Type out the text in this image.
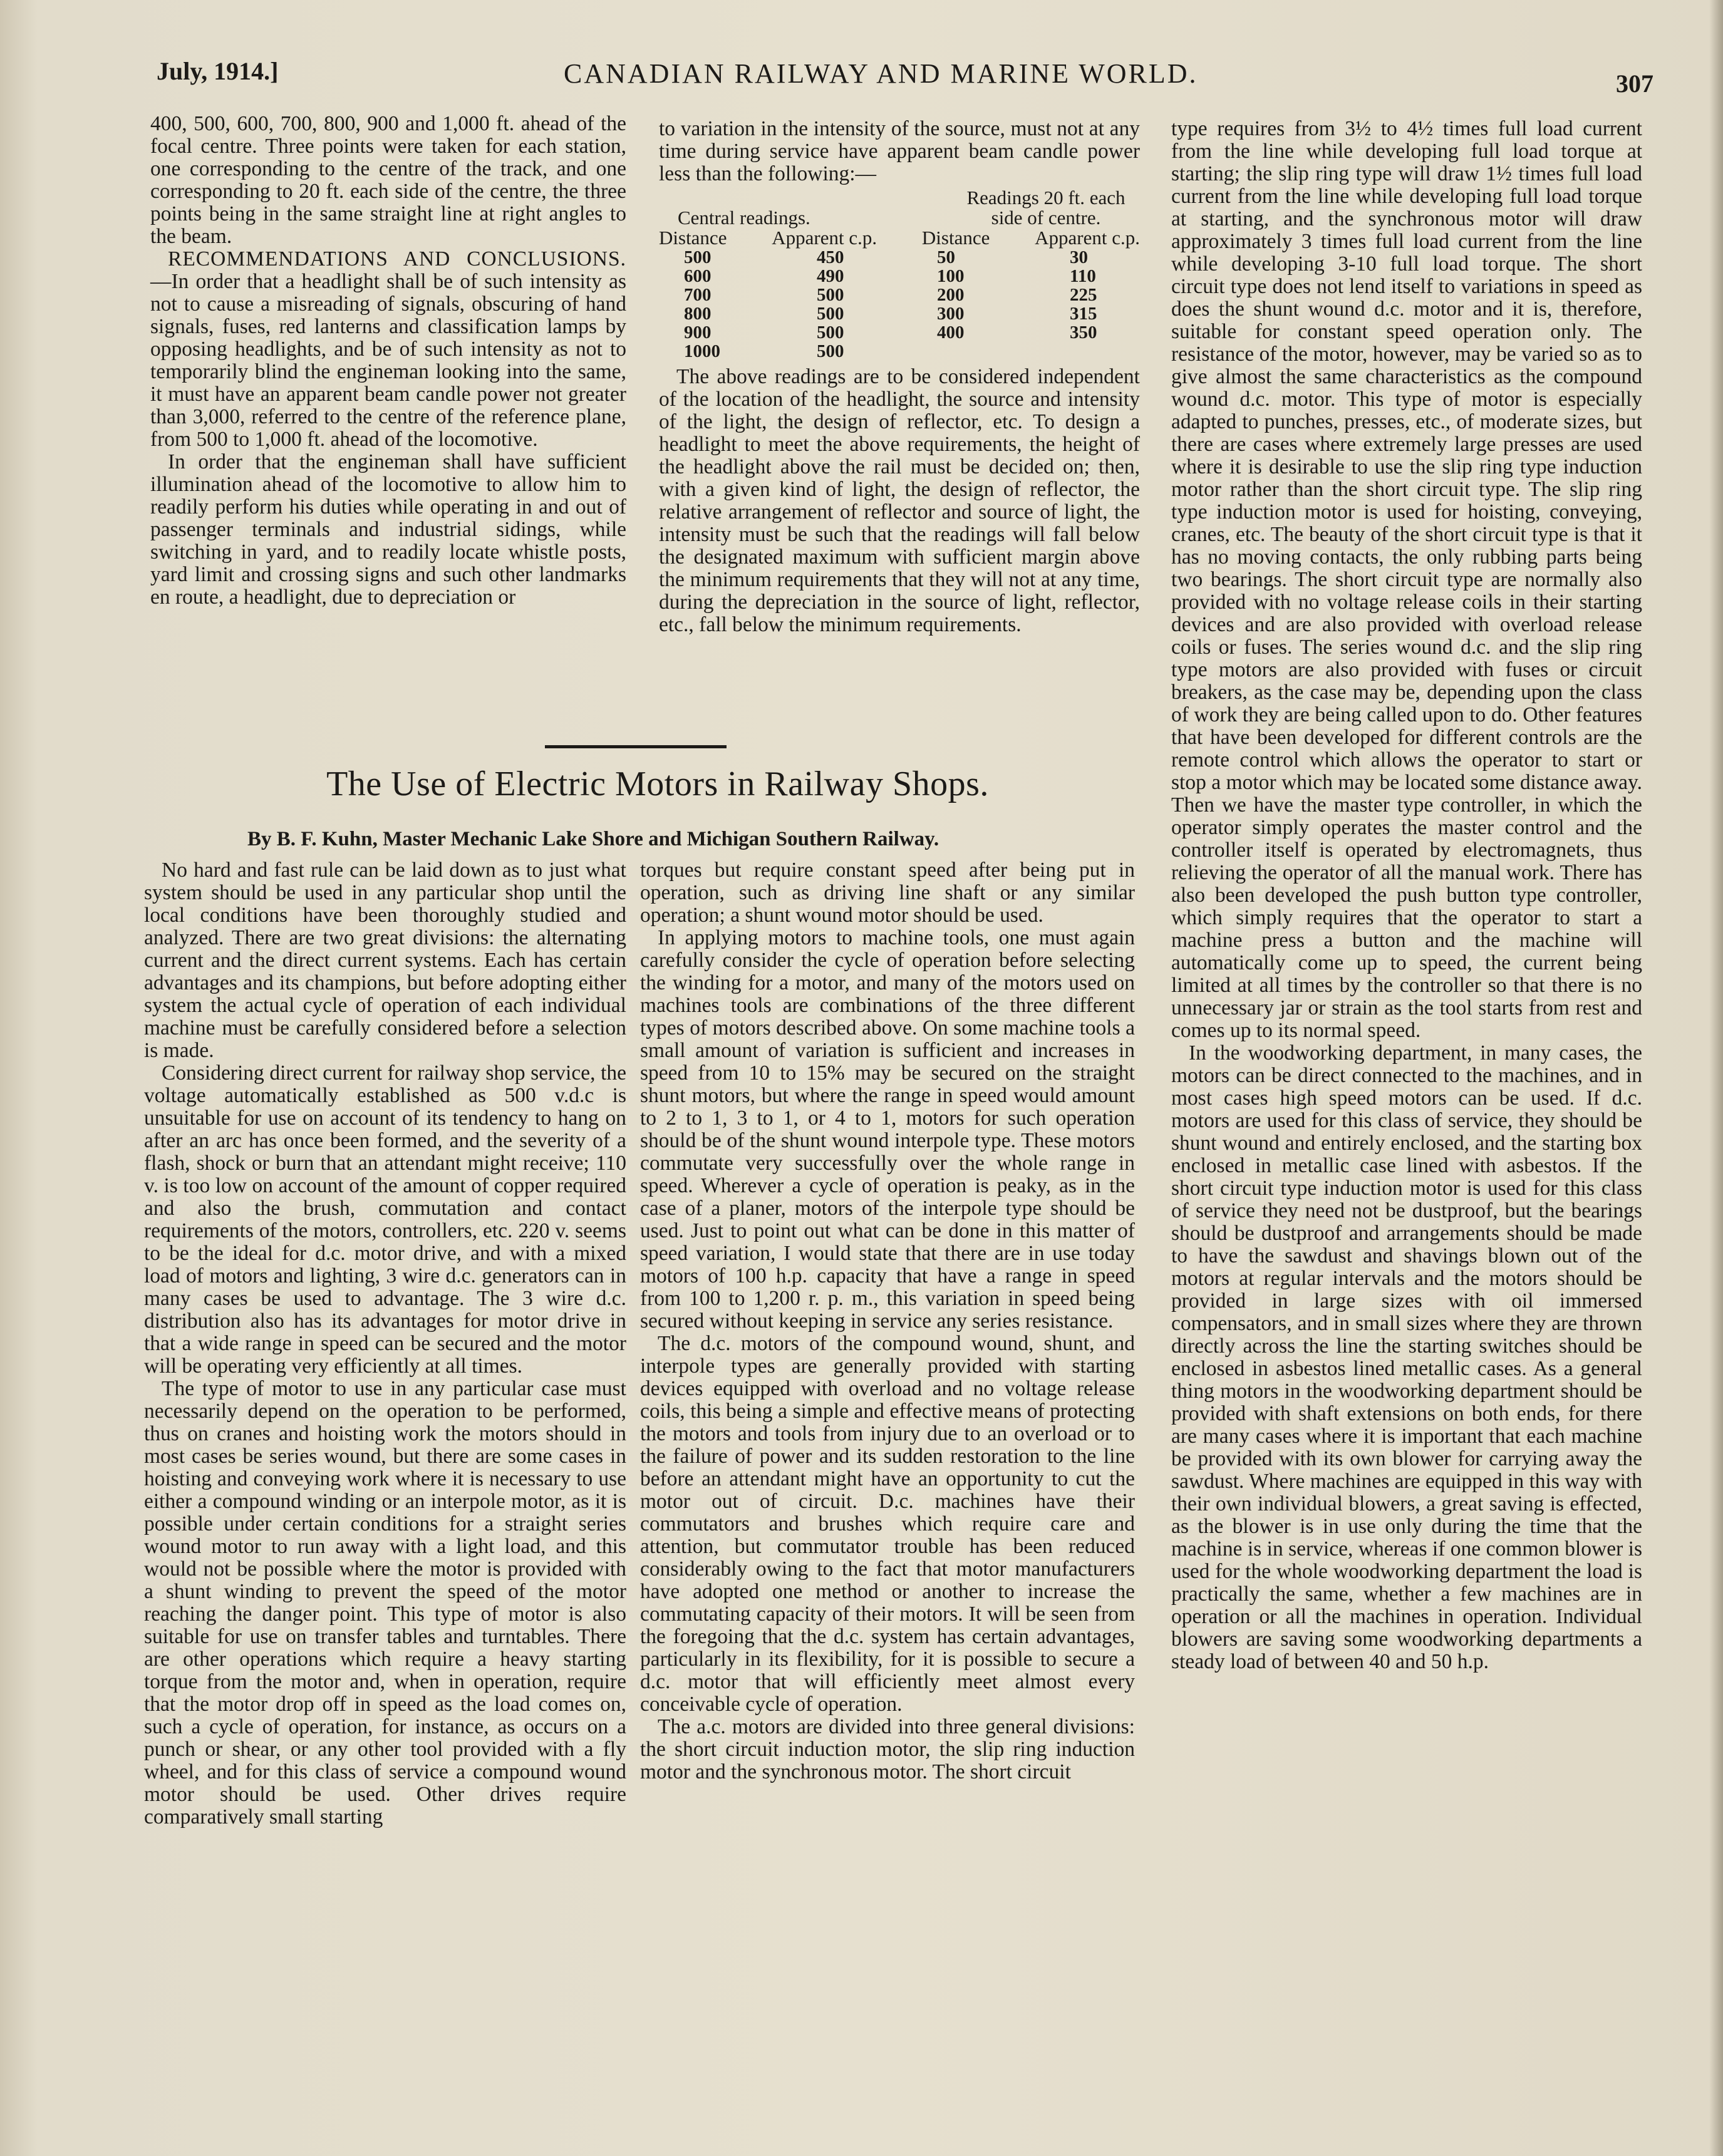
July, 1914.]	CANADIAN RAILWAY AND MARINE WORLD.	307

400, 500, 600, 700, 800, 900 and 1,000 ft. ahead of the focal centre. Three points were taken for each station, one corresponding to the centre of the track, and one corresponding to 20 ft. each side of the centre, the three points being in the same straight line at right angles to the beam.

RECOMMENDATIONS AND CONCLUSIONS.—In order that a headlight shall be of such intensity as not to cause a misreading of signals, obscuring of hand signals, fuses, red lanterns and classification lamps by opposing headlights, and be of such intensity as not to temporarily blind the engineman looking into the same, it must have an apparent beam candle power not greater than 3,000, referred to the centre of the reference plane, from 500 to 1,000 ft. ahead of the locomotive.

In order that the engineman shall have sufficient illumination ahead of the locomotive to allow him to readily perform his duties while operating in and out of passenger terminals and industrial sidings, while switching in yard, and to readily locate whistle posts, yard limit and crossing signs and such other landmarks en route, a headlight, due to depreciation or

to variation in the intensity of the source, must not at any time during service have apparent beam candle power less than the following:—

Central readings.
Readings 20 ft. each side of centre.
Distance Apparent c.p. Distance Apparent c.p.
500
600
700
800
900
1000
450
490
500
500
500
500
50
100
200
300
400
30
110
225
315
350

The above readings are to be considered independent of the location of the headlight, the source and intensity of the light, the design of reflector, etc. To design a headlight to meet the above requirements, the height of the headlight above the rail must be decided on; then, with a given kind of light, the design of reflector, the relative arrangement of reflector and source of light, the intensity must be such that the readings will fall below the designated maximum with sufficient margin above the minimum requirements that they will not at any time, during the depreciation in the source of light, reflector, etc., fall below the minimum requirements.

The Use of Electric Motors in Railway Shops.
By B. F. Kuhn, Master Mechanic Lake Shore and Michigan Southern Railway.

No hard and fast rule can be laid down as to just what system should be used in any particular shop until the local conditions have been thoroughly studied and analyzed. There are two great divisions: the alternating current and the direct current systems. Each has certain advantages and its champions, but before adopting either system the actual cycle of operation of each individual machine must be carefully considered before a selection is made.

Considering direct current for railway shop service, the voltage automatically established as 500 v.d.c is unsuitable for use on account of its tendency to hang on after an arc has once been formed, and the severity of a flash, shock or burn that an attendant might receive; 110 v. is too low on account of the amount of copper required and also the brush, commutation and contact requirements of the motors, controllers, etc. 220 v. seems to be the ideal for d.c. motor drive, and with a mixed load of motors and lighting, 3 wire d.c. generators can in many cases be used to advantage. The 3 wire d.c. distribution also has its advantages for motor drive in that a wide range in speed can be secured and the motor will be operating very efficiently at all times.

The type of motor to use in any particular case must necessarily depend on the operation to be performed, thus on cranes and hoisting work the motors should in most cases be series wound, but there are some cases in hoisting and conveying work where it is necessary to use either a compound winding or an interpole motor, as it is possible under certain conditions for a straight series wound motor to run away with a light load, and this would not be possible where the motor is provided with a shunt winding to prevent the speed of the motor reaching the danger point. This type of motor is also suitable for use on transfer tables and turntables. There are other operations which require a heavy starting torque from the motor and, when in operation, require that the motor drop off in speed as the load comes on, such a cycle of operation, for instance, as occurs on a punch or shear, or any other tool provided with a fly wheel, and for this class of service a compound wound motor should be used. Other drives require comparatively small starting

torques but require constant speed after being put in operation, such as driving line shaft or any similar operation; a shunt wound motor should be used.

In applying motors to machine tools, one must again carefully consider the cycle of operation before selecting the winding for a motor, and many of the motors used on machines tools are combinations of the three different types of motors described above. On some machine tools a small amount of variation is sufficient and increases in speed from 10 to 15% may be secured on the straight shunt motors, but where the range in speed would amount to 2 to 1, 3 to 1, or 4 to 1, motors for such operation should be of the shunt wound interpole type. These motors commutate very successfully over the whole range in speed. Wherever a cycle of operation is peaky, as in the case of a planer, motors of the interpole type should be used. Just to point out what can be done in this matter of speed variation, I would state that there are in use today motors of 100 h.p. capacity that have a range in speed from 100 to 1,200 r. p. m., this variation in speed being secured without keeping in service any series resistance.

The d.c. motors of the compound wound, shunt, and interpole types are generally provided with starting devices equipped with overload and no voltage release coils, this being a simple and effective means of protecting the motors and tools from injury due to an overload or to the failure of power and its sudden restoration to the line before an attendant might have an opportunity to cut the motor out of circuit. D.c. machines have their commutators and brushes which require care and attention, but commutator trouble has been reduced considerably owing to the fact that motor manufacturers have adopted one method or another to increase the commutating capacity of their motors. It will be seen from the foregoing that the d.c. system has certain advantages, particularly in its flexibility, for it is possible to secure a d.c. motor that will efficiently meet almost every conceivable cycle of operation.

The a.c. motors are divided into three general divisions: the short circuit induction motor, the slip ring induction motor and the synchronous motor. The short circuit

type requires from 3½ to 4½ times full load current from the line while developing full load torque at starting; the slip ring type will draw 1½ times full load current from the line while developing full load torque at starting, and the synchronous motor will draw approximately 3 times full load current from the line while developing 3-10 full load torque. The short circuit type does not lend itself to variations in speed as does the shunt wound d.c. motor and it is, therefore, suitable for constant speed operation only. The resistance of the motor, however, may be varied so as to give almost the same characteristics as the compound wound d.c. motor. This type of motor is especially adapted to punches, presses, etc., of moderate sizes, but there are cases where extremely large presses are used where it is desirable to use the slip ring type induction motor rather than the short circuit type. The slip ring type induction motor is used for hoisting, conveying, cranes, etc. The beauty of the short circuit type is that it has no moving contacts, the only rubbing parts being two bearings. The short circuit type are normally also provided with no voltage release coils in their starting devices and are also provided with overload release coils or fuses. The series wound d.c. and the slip ring type motors are also provided with fuses or circuit breakers, as the case may be, depending upon the class of work they are being called upon to do. Other features that have been developed for different controls are the remote control which allows the operator to start or stop a motor which may be located some distance away. Then we have the master type controller, in which the operator simply operates the master control and the controller itself is operated by electromagnets, thus relieving the operator of all the manual work. There has also been developed the push button type controller, which simply requires that the operator to start a machine press a button and the machine will automatically come up to speed, the current being limited at all times by the controller so that there is no unnecessary jar or strain as the tool starts from rest and comes up to its normal speed.

In the woodworking department, in many cases, the motors can be direct connected to the machines, and in most cases high speed motors can be used. If d.c. motors are used for this class of service, they should be shunt wound and entirely enclosed, and the starting box enclosed in metallic case lined with asbestos. If the short circuit type induction motor is used for this class of service they need not be dustproof, but the bearings should be dustproof and arrangements should be made to have the sawdust and shavings blown out of the motors at regular intervals and the motors should be provided in large sizes with oil immersed compensators, and in small sizes where they are thrown directly across the line the starting switches should be enclosed in asbestos lined metallic cases. As a general thing motors in the woodworking department should be provided with shaft extensions on both ends, for there are many cases where it is important that each machine be provided with its own blower for carrying away the sawdust. Where machines are equipped in this way with their own individual blowers, a great saving is effected, as the blower is in use only during the time that the machine is in service, whereas if one common blower is used for the whole woodworking department the load is practically the same, whether a few machines are in operation or all the machines in operation. Individual blowers are saving some woodworking departments a steady load of between 40 and 50 h.p.
